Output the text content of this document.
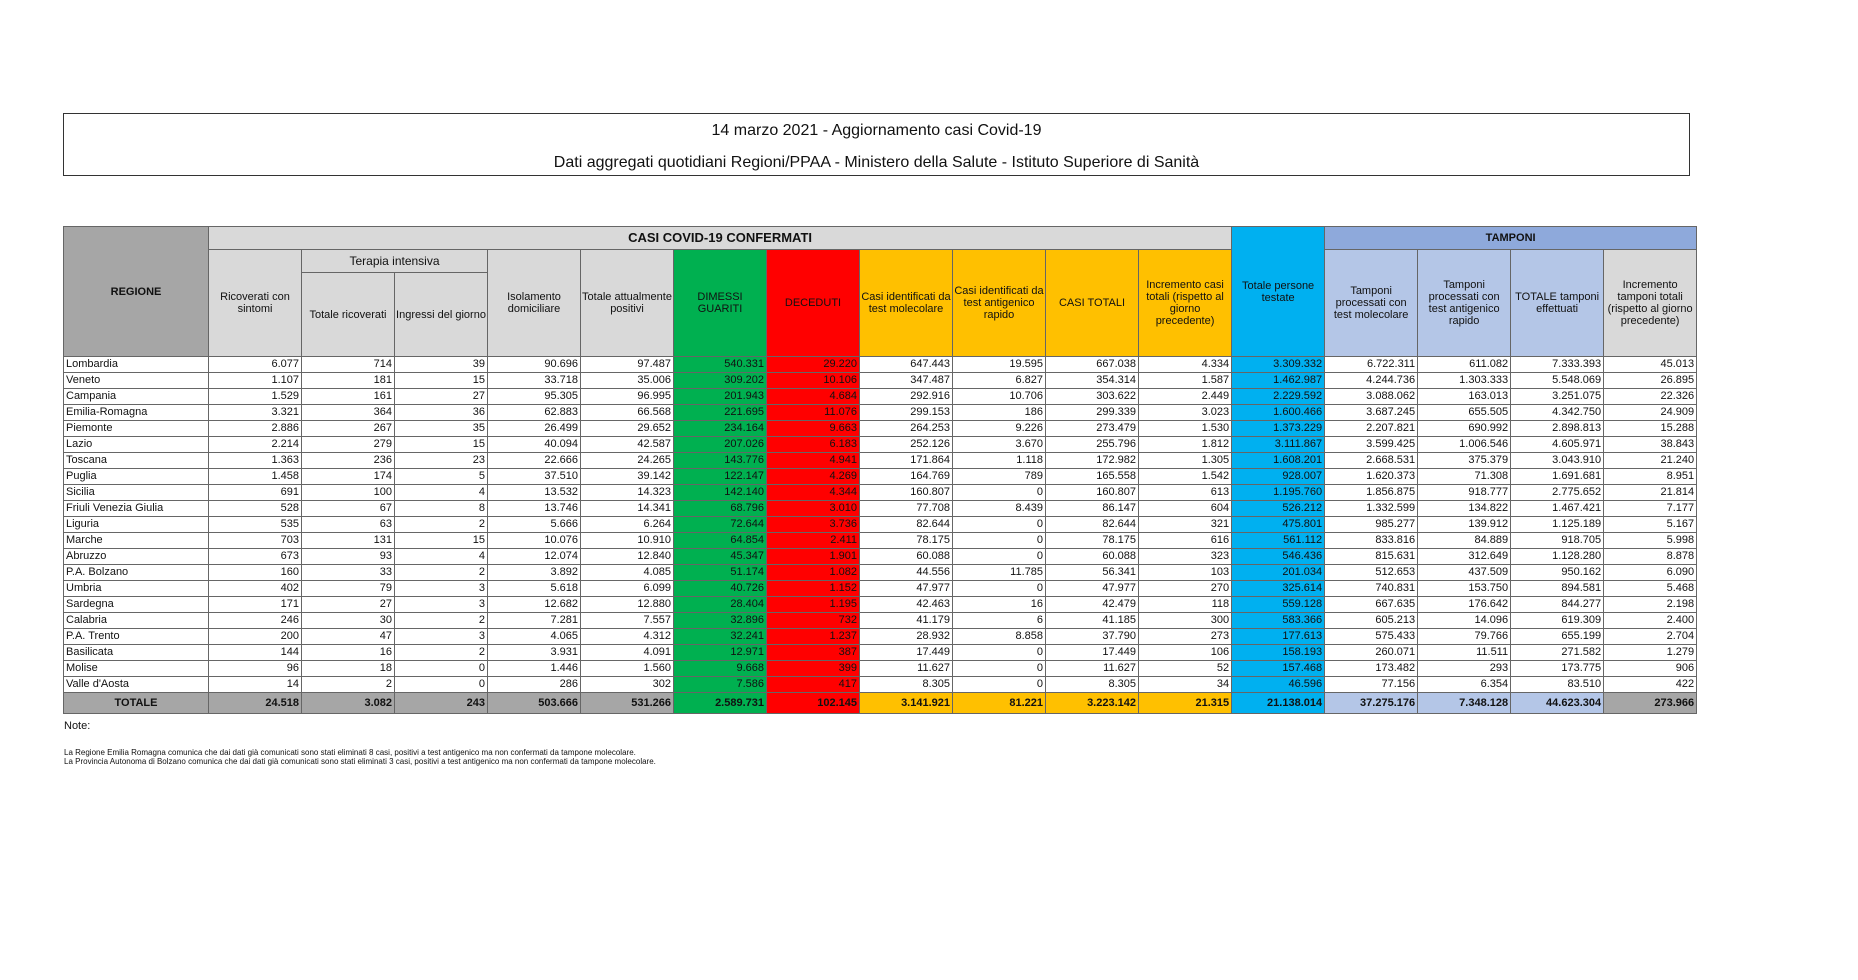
14 marzo 2021 - Aggiornamento casi Covid-19
Dati aggregati quotidiani Regioni/PPAA - Ministero della Salute - Istituto Superiore di Sanità
REGIONE	CASI COVID-19 CONFERMATI											Totale persone testate	TAMPONI			
	Ricoverati con sintomi	Terapia intensiva		Isolamento domiciliare	Totale attualmente positivi	DIMESSI GUARITI	DECEDUTI	Casi identificati da test molecolare	Casi identificati da test antigenico rapido	CASI TOTALI	Incremento casi totali (rispetto al giorno precedente)		Tamponi processati con test molecolare	Tamponi processati con test antigenico rapido	TOTALE tamponi effettuati	Incremento tamponi totali (rispetto al giorno precedente)
		Totale ricoverati	Ingressi del giorno													
Lombardia	6.077	714	39	90.696	97.487	540.331	29.220	647.443	19.595	667.038	4.334	3.309.332	6.722.311	611.082	7.333.393	45.013
Veneto	1.107	181	15	33.718	35.006	309.202	10.106	347.487	6.827	354.314	1.587	1.462.987	4.244.736	1.303.333	5.548.069	26.895
Campania	1.529	161	27	95.305	96.995	201.943	4.684	292.916	10.706	303.622	2.449	2.229.592	3.088.062	163.013	3.251.075	22.326
Emilia-Romagna	3.321	364	36	62.883	66.568	221.695	11.076	299.153	186	299.339	3.023	1.600.466	3.687.245	655.505	4.342.750	24.909
Piemonte	2.886	267	35	26.499	29.652	234.164	9.663	264.253	9.226	273.479	1.530	1.373.229	2.207.821	690.992	2.898.813	15.288
Lazio	2.214	279	15	40.094	42.587	207.026	6.183	252.126	3.670	255.796	1.812	3.111.867	3.599.425	1.006.546	4.605.971	38.843
Toscana	1.363	236	23	22.666	24.265	143.776	4.941	171.864	1.118	172.982	1.305	1.608.201	2.668.531	375.379	3.043.910	21.240
Puglia	1.458	174	5	37.510	39.142	122.147	4.269	164.769	789	165.558	1.542	928.007	1.620.373	71.308	1.691.681	8.951
Sicilia	691	100	4	13.532	14.323	142.140	4.344	160.807	0	160.807	613	1.195.760	1.856.875	918.777	2.775.652	21.814
Friuli Venezia Giulia	528	67	8	13.746	14.341	68.796	3.010	77.708	8.439	86.147	604	526.212	1.332.599	134.822	1.467.421	7.177
Liguria	535	63	2	5.666	6.264	72.644	3.736	82.644	0	82.644	321	475.801	985.277	139.912	1.125.189	5.167
Marche	703	131	15	10.076	10.910	64.854	2.411	78.175	0	78.175	616	561.112	833.816	84.889	918.705	5.998
Abruzzo	673	93	4	12.074	12.840	45.347	1.901	60.088	0	60.088	323	546.436	815.631	312.649	1.128.280	8.878
P.A. Bolzano	160	33	2	3.892	4.085	51.174	1.082	44.556	11.785	56.341	103	201.034	512.653	437.509	950.162	6.090
Umbria	402	79	3	5.618	6.099	40.726	1.152	47.977	0	47.977	270	325.614	740.831	153.750	894.581	5.468
Sardegna	171	27	3	12.682	12.880	28.404	1.195	42.463	16	42.479	118	559.128	667.635	176.642	844.277	2.198
Calabria	246	30	2	7.281	7.557	32.896	732	41.179	6	41.185	300	583.366	605.213	14.096	619.309	2.400
P.A. Trento	200	47	3	4.065	4.312	32.241	1.237	28.932	8.858	37.790	273	177.613	575.433	79.766	655.199	2.704
Basilicata	144	16	2	3.931	4.091	12.971	387	17.449	0	17.449	106	158.193	260.071	11.511	271.582	1.279
Molise	96	18	0	1.446	1.560	9.668	399	11.627	0	11.627	52	157.468	173.482	293	173.775	906
Valle d'Aosta	14	2	0	286	302	7.586	417	8.305	0	8.305	34	46.596	77.156	6.354	83.510	422
TOTALE	24.518	3.082	243	503.666	531.266	2.589.731	102.145	3.141.921	81.221	3.223.142	21.315	21.138.014	37.275.176	7.348.128	44.623.304	273.966
Note:
La Regione Emilia Romagna comunica che dai dati già comunicati sono stati eliminati 8 casi, positivi a test antigenico ma non confermati da tampone molecolare.
La Provincia Autonoma di Bolzano comunica che dai dati già comunicati sono stati eliminati 3 casi, positivi a test antigenico ma non confermati da tampone molecolare.
